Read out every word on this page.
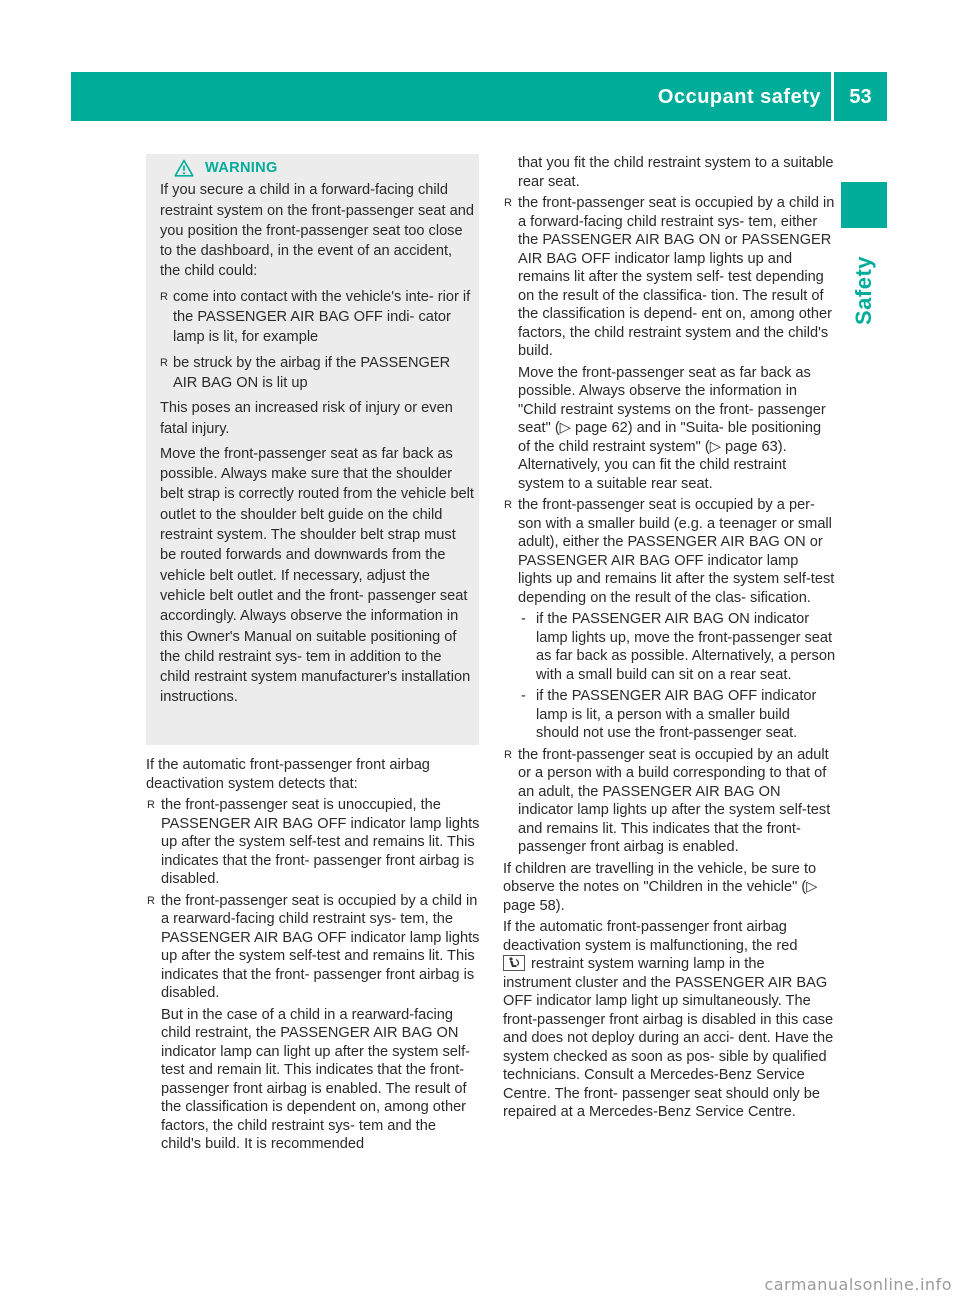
Occupant safety	53
Safety
WARNING

If you secure a child in a forward-facing child restraint system on the front-passenger seat and you position the front-passenger seat too close to the dashboard, in the event of an accident, the child could:

R come into contact with the vehicle's inte- rior if the PASSENGER AIR BAG OFF indi- cator lamp is lit, for example
R be struck by the airbag if the PASSENGER AIR BAG ON is lit up

This poses an increased risk of injury or even fatal injury.

Move the front-passenger seat as far back as possible. Always make sure that the shoulder belt strap is correctly routed from the vehicle belt outlet to the shoulder belt guide on the child restraint system. The shoulder belt strap must be routed forwards and downwards from the vehicle belt outlet. If necessary, adjust the vehicle belt outlet and the front- passenger seat accordingly. Always observe the information in this Owner's Manual on suitable positioning of the child restraint sys- tem in addition to the child restraint system manufacturer's installation instructions.

If the automatic front-passenger front airbag deactivation system detects that:

R the front-passenger seat is unoccupied, the PASSENGER AIR BAG OFF indicator lamp lights up after the system self-test and remains lit. This indicates that the front- passenger front airbag is disabled.
R the front-passenger seat is occupied by a child in a rearward-facing child restraint sys- tem, the PASSENGER AIR BAG OFF indicator lamp lights up after the system self-test and remains lit. This indicates that the front- passenger front airbag is disabled.

But in the case of a child in a rearward-facing child restraint, the PASSENGER AIR BAG ON indicator lamp can light up after the system self-test and remain lit. This indicates that the front-passenger front airbag is enabled. The result of the classification is dependent on, among other factors, the child restraint sys- tem and the child's build. It is recommended

that you fit the child restraint system to a suitable rear seat.
R the front-passenger seat is occupied by a child in a forward-facing child restraint sys- tem, either the PASSENGER AIR BAG ON or PASSENGER AIR BAG OFF indicator lamp lights up and remains lit after the system self- test depending on the result of the classifica- tion. The result of the classification is depend- ent on, among other factors, the child restraint system and the child's build.

Move the front-passenger seat as far back as possible. Always observe the information in "Child restraint systems on the front- passenger seat" (▷ page 62) and in "Suita- ble positioning of the child restraint system" (▷ page 63). Alternatively, you can fit the child restraint system to a suitable rear seat.

R the front-passenger seat is occupied by a per- son with a smaller build (e.g. a teenager or small adult), either the PASSENGER AIR BAG ON or PASSENGER AIR BAG OFF indicator lamp lights up and remains lit after the system self-test depending on the result of the clas- sification.
- if the PASSENGER AIR BAG ON indicator lamp lights up, move the front-passenger seat as far back as possible. Alternatively, a person with a small build can sit on a rear seat.
- if the PASSENGER AIR BAG OFF indicator lamp is lit, a person with a smaller build should not use the front-passenger seat.
R the front-passenger seat is occupied by an adult or a person with a build corresponding to that of an adult, the PASSENGER AIR BAG ON indicator lamp lights up after the system self-test and remains lit. This indicates that the front-passenger front airbag is enabled.

If children are travelling in the vehicle, be sure to observe the notes on "Children in the vehicle" (▷ page 58).

If the automatic front-passenger front airbag deactivation system is malfunctioning, the red

restraint system warning lamp in the instrument cluster and the PASSENGER AIR BAG OFF indicator lamp light up simultaneously. The front-passenger front airbag is disabled in this case and does not deploy during an acci- dent. Have the system checked as soon as pos- sible by qualified technicians. Consult a Mercedes-Benz Service Centre. The front- passenger seat should only be repaired at a Mercedes-Benz Service Centre.

carmanualsonline.info
